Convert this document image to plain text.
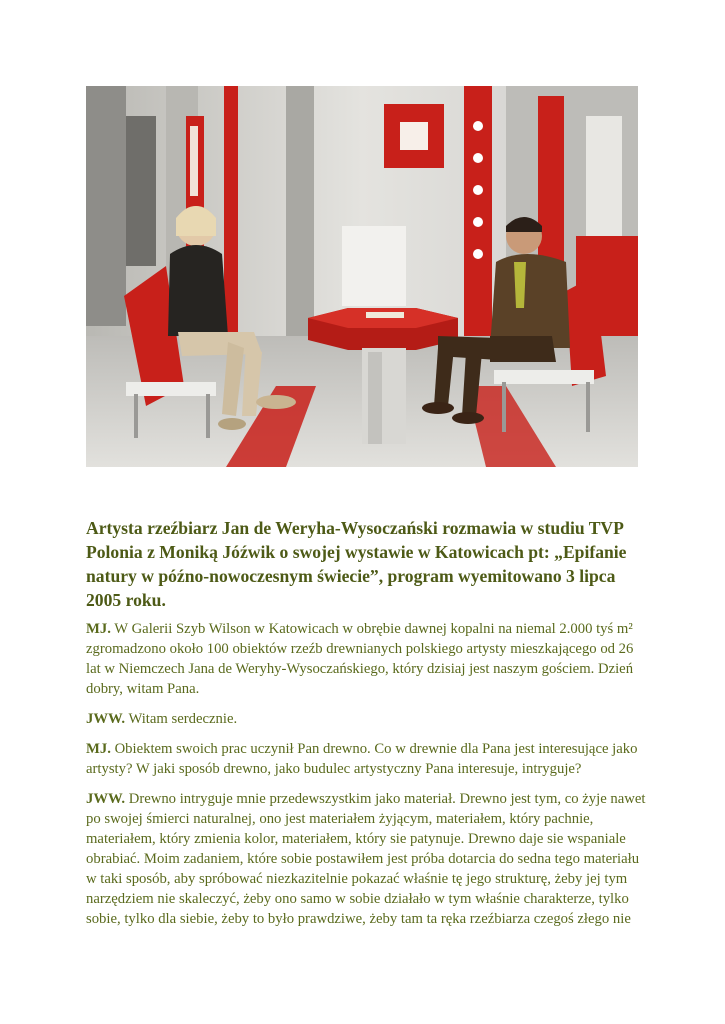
Artysta rzeźbiarz Jan de Weryha-Wysoczański rozmawia w studiu TVP Polonia z Moniką Jóźwik o swojej wystawie w Katowicach pt: „Epifanie natury w późno-nowoczesnym świecie”, program wyemitowano 3 lipca 2005 roku.

MJ. W Galerii Szyb Wilson w Katowicach w obrębie dawnej kopalni na niemal 2.000 tyś m² zgromadzono około 100 obiektów rzeźb drewnianych polskiego artysty mieszkającego od 26 lat w Niemczech Jana de Weryhy-Wysoczańskiego, który dzisiaj jest naszym gościem. Dzień dobry, witam Pana.

JWW. Witam serdecznie.

MJ. Obiektem swoich prac uczynił Pan drewno. Co w drewnie dla Pana jest interesujące jako artysty? W jaki sposób drewno, jako budulec artystyczny Pana interesuje, intryguje?

JWW. Drewno intryguje mnie przedewszystkim jako materiał. Drewno jest tym, co żyje nawet po swojej śmierci naturalnej, ono jest materiałem żyjącym, materiałem, który pachnie, materiałem, który zmienia kolor, materiałem, który sie patynuje. Drewno daje sie wspaniale obrabiać. Moim zadaniem, które sobie postawiłem jest próba dotarcia do sedna tego materiału w taki sposób, aby spróbować niezkazitelnie pokazać właśnie tę jego strukturę, żeby jej tym narzędziem nie skaleczyć, żeby ono samo w sobie działało w tym właśnie charakterze, tylko sobie, tylko dla siebie, żeby to było prawdziwe, żeby tam ta ręka rzeźbiarza czegoś złego nie
